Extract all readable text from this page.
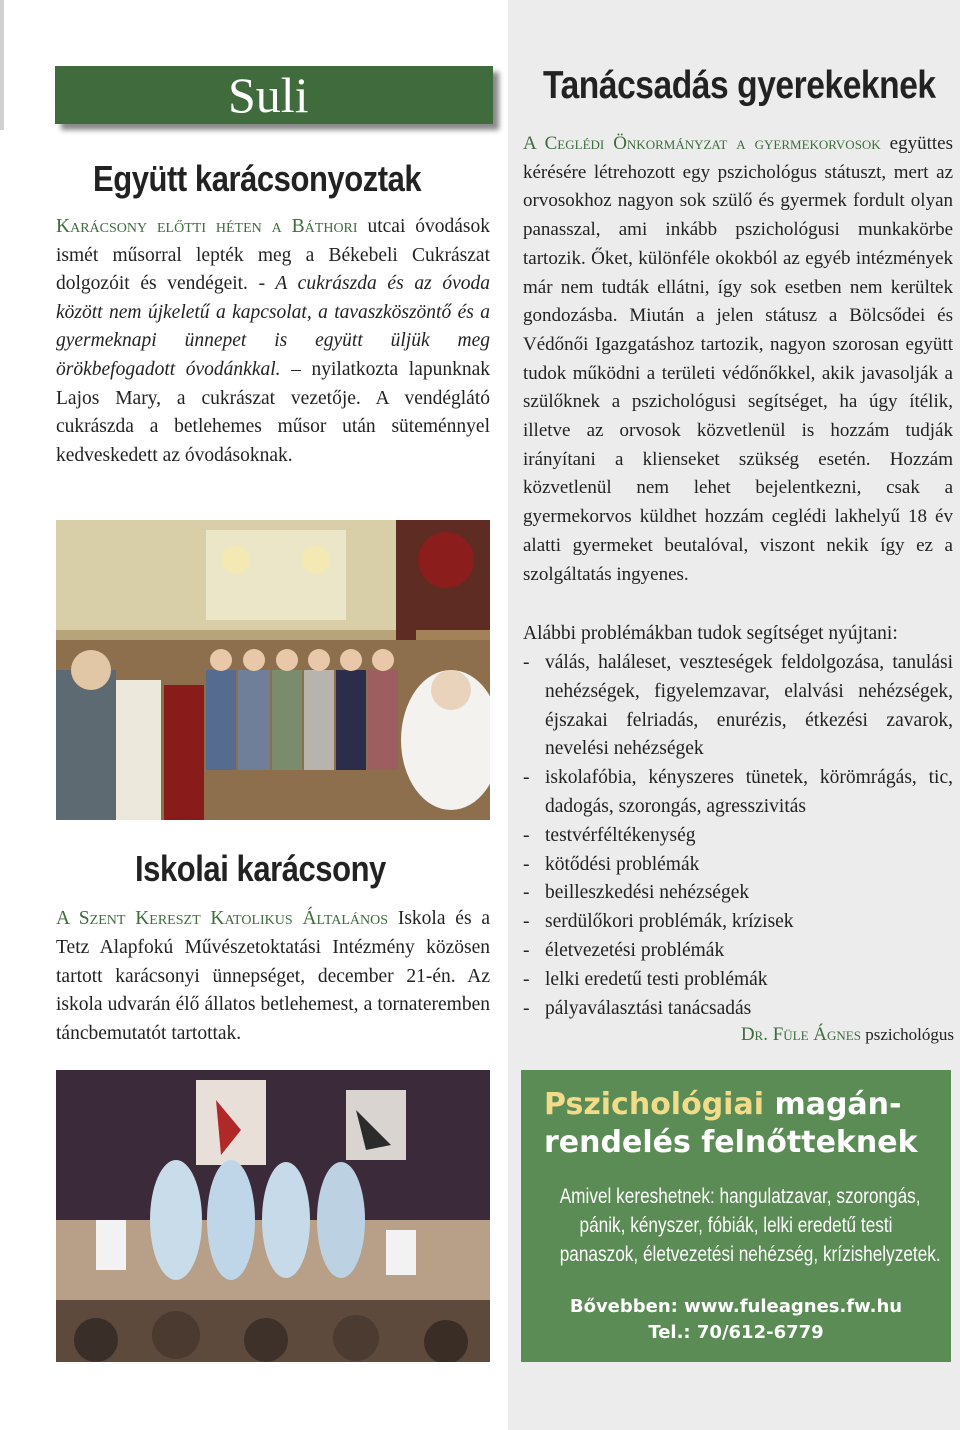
Suli
Együtt karácsonyoztak
Karácsony előtti héten a Báthori utcai óvodások ismét műsorral lepték meg a Békebeli Cukrászat dolgozóit és vendégeit. - A cukrászda és az óvoda között nem újkeletű a kapcsolat, a tavaszköszöntő és a gyermeknapi ünnepet is együtt üljük meg örökbefogadott óvodánkkal. – nyilatkozta lapunknak Lajos Mary, a cukrászat vezetője. A vendéglátó cukrászda a betlehemes műsor után süteménnyel kedveskedett az óvodásoknak.
Iskolai karácsony
A Szent Kereszt Katolikus Általános Iskola és a Tetz Alapfokú Művészetoktatási Intézmény közösen tartott karácsonyi ünnepséget, december 21-én. Az iskola udvarán élő állatos betlehemest, a tornateremben táncbemutatót tartottak.
Tanácsadás gyerekeknek
A Ceglédi Önkormányzat a gyermekorvosok együttes kérésére létrehozott egy pszichológus státuszt, mert az orvosokhoz nagyon sok szülő és gyermek fordult olyan panasszal, ami inkább pszichológusi munkakörbe tartozik. Őket, különféle okokból az egyéb intézmények már nem tudták ellátni, így sok esetben nem kerültek gondozásba. Miután a jelen státusz a Bölcsődei és Védőnői Igazgatáshoz tartozik, nagyon szorosan együtt tudok működni a területi védőnőkkel, akik javasolják a szülőknek a pszichológusi segítséget, ha úgy ítélik, illetve az orvosok közvetlenül is hozzám tudják irányítani a klienseket szükség esetén. Hozzám közvetlenül nem lehet bejelentkezni, csak a gyermekorvos küldhet hozzám ceglédi lakhelyű 18 év alatti gyermeket beutalóval, viszont nekik így ez a szolgáltatás ingyenes.
Alábbi problémákban tudok segítséget nyújtani:
- válás, haláleset, veszteségek feldolgozása, tanulási nehézségek, figyelemzavar, elalvási nehézségek, éjszakai felriadás, enurézis, étkezési zavarok, nevelési nehézségek
- iskolafóbia, kényszeres tünetek, körömrágás, tic, dadogás, szorongás, agresszivitás
- testvérféltékenység
- kötődési problémák
- beilleszkedési nehézségek
- serdülőkori problémák, krízisek
- életvezetési problémák
- lelki eredetű testi problémák
- pályaválasztási tanácsadás
Dr. Füle Ágnes pszichológus
Pszichológiai magán-
rendelés felnőtteknek
Amivel kereshetnek: hangulatzavar, szorongás,
pánik, kényszer, fóbiák, lelki eredetű testi
panaszok, életvezetési nehézség, krízishelyzetek.
Bővebben: www.fuleagnes.fw.hu
Tel.: 70/612-6779
